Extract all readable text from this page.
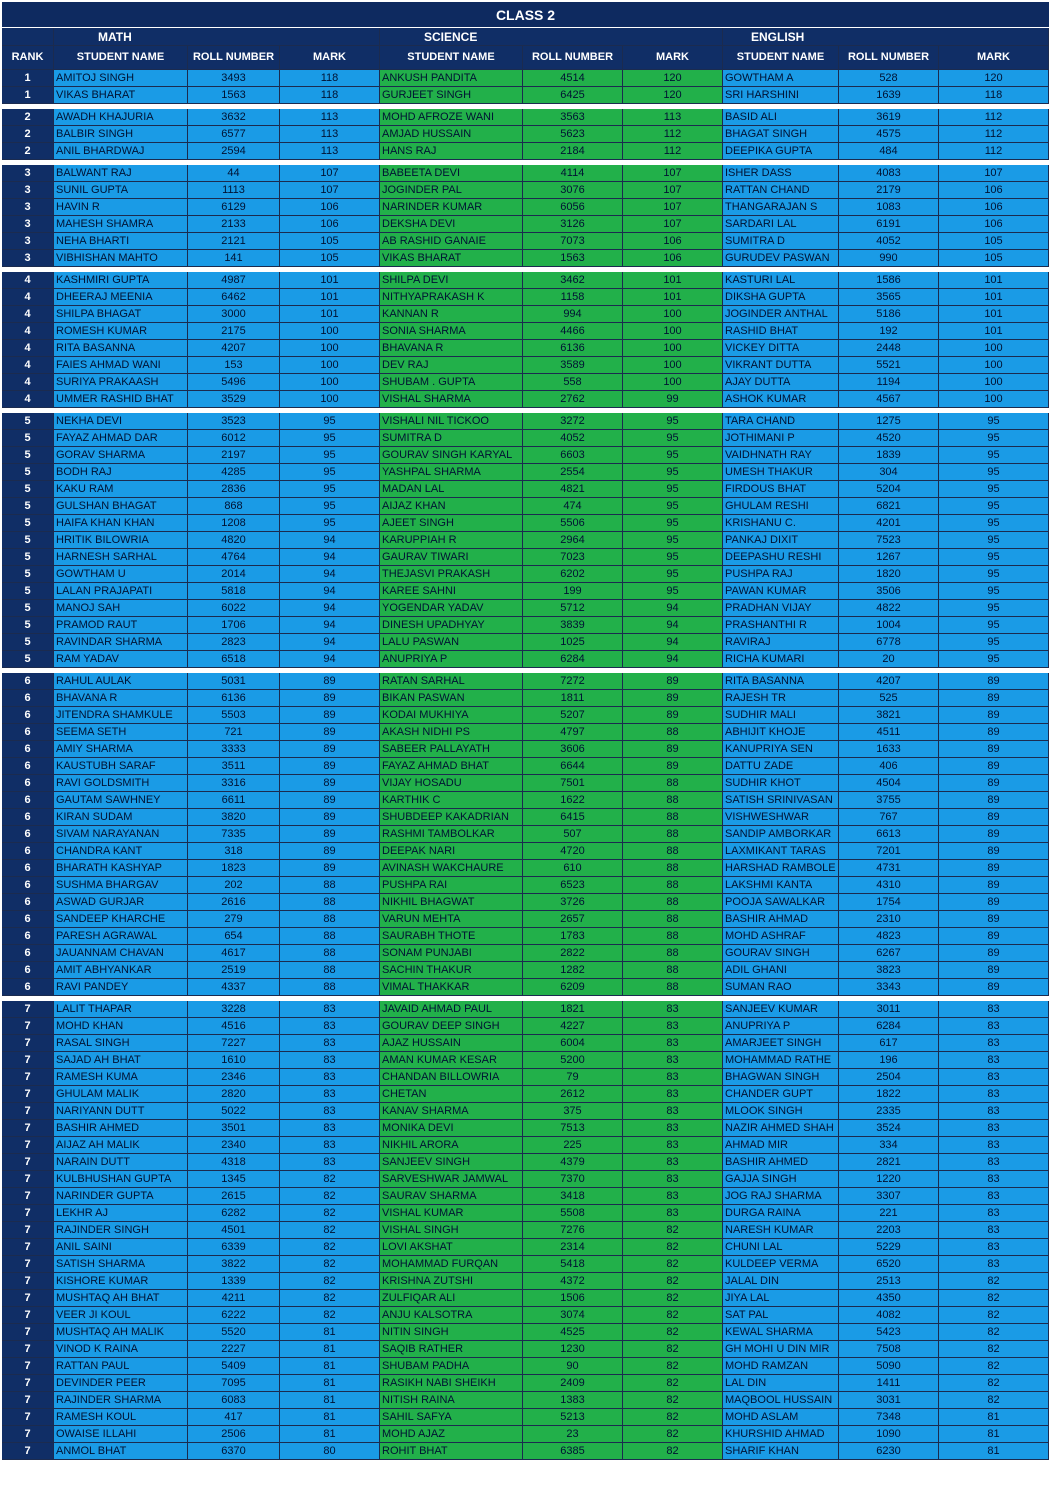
CLASS 2
MATH	SCIENCE	ENGLISH
RANK	STUDENT NAME	ROLL NUMBER	MARK	STUDENT NAME	ROLL NUMBER	MARK	STUDENT NAME	ROLL NUMBER	MARK
1	AMITOJ SINGH	3493	118	ANKUSH PANDITA	4514	120	GOWTHAM A	528	120
1	VIKAS BHARAT	1563	118	GURJEET SINGH	6425	120	SRI HARSHINI	1639	118
2	AWADH KHAJURIA	3632	113	MOHD AFROZE WANI	3563	113	BASID ALI	3619	112
2	BALBIR SINGH	6577	113	AMJAD HUSSAIN	5623	112	BHAGAT SINGH	4575	112
2	ANIL BHARDWAJ	2594	113	HANS RAJ	2184	112	DEEPIKA GUPTA	484	112
3	BALWANT RAJ	44	107	BABEETA DEVI	4114	107	ISHER DASS	4083	107
3	SUNIL GUPTA	1113	107	JOGINDER PAL	3076	107	RATTAN CHAND	2179	106
3	HAVIN R	6129	106	NARINDER KUMAR	6056	107	THANGARAJAN S	1083	106
3	MAHESH SHAMRA	2133	106	DEKSHA DEVI	3126	107	SARDARI LAL	6191	106
3	NEHA BHARTI	2121	105	AB RASHID GANAIE	7073	106	SUMITRA D	4052	105
3	VIBHISHAN MAHTO	141	105	VIKAS BHARAT	1563	106	GURUDEV PASWAN	990	105
4	KASHMIRI GUPTA	4987	101	SHILPA DEVI	3462	101	KASTURI LAL	1586	101
4	DHEERAJ MEENIA	6462	101	NITHYAPRAKASH K	1158	101	DIKSHA GUPTA	3565	101
4	SHILPA BHAGAT	3000	101	KANNAN R	994	100	JOGINDER ANTHAL	5186	101
4	ROMESH KUMAR	2175	100	SONIA SHARMA	4466	100	RASHID BHAT	192	101
4	RITA BASANNA	4207	100	BHAVANA R	6136	100	VICKEY DITTA	2448	100
4	FAIES AHMAD WANI	153	100	DEV RAJ	3589	100	VIKRANT DUTTA	5521	100
4	SURIYA PRAKAASH	5496	100	SHUBAM . GUPTA	558	100	AJAY DUTTA	1194	100
4	UMMER RASHID BHAT	3529	100	VISHAL SHARMA	2762	99	ASHOK KUMAR	4567	100
5	NEKHA DEVI	3523	95	VISHALI NIL TICKOO	3272	95	TARA CHAND	1275	95
5	FAYAZ AHMAD DAR	6012	95	SUMITRA D	4052	95	JOTHIMANI P	4520	95
5	GORAV SHARMA	2197	95	GOURAV SINGH KARYAL	6603	95	VAIDHNATH RAY	1839	95
5	BODH RAJ	4285	95	YASHPAL SHARMA	2554	95	UMESH THAKUR	304	95
5	KAKU RAM	2836	95	MADAN LAL	4821	95	FIRDOUS BHAT	5204	95
5	GULSHAN BHAGAT	868	95	AIJAZ KHAN	474	95	GHULAM RESHI	6821	95
5	HAIFA KHAN KHAN	1208	95	AJEET SINGH	5506	95	KRISHANU C.	4201	95
5	HRITIK BILOWRIA	4820	94	KARUPPIAH R	2964	95	PANKAJ DIXIT	7523	95
5	HARNESH SARHAL	4764	94	GAURAV TIWARI	7023	95	DEEPASHU RESHI	1267	95
5	GOWTHAM U	2014	94	THEJASVI PRAKASH	6202	95	PUSHPA RAJ	1820	95
5	LALAN PRAJAPATI	5818	94	KAREE SAHNI	199	95	PAWAN KUMAR	3506	95
5	MANOJ SAH	6022	94	YOGENDAR YADAV	5712	94	PRADHAN VIJAY	4822	95
5	PRAMOD RAUT	1706	94	DINESH UPADHYAY	3839	94	PRASHANTHI R	1004	95
5	RAVINDAR SHARMA	2823	94	LALU PASWAN	1025	94	RAVIRAJ	6778	95
5	RAM YADAV	6518	94	ANUPRIYA P	6284	94	RICHA KUMARI	20	95
6	RAHUL AULAK	5031	89	RATAN SARHAL	7272	89	RITA BASANNA	4207	89
6	BHAVANA R	6136	89	BIKAN PASWAN	1811	89	RAJESH TR	525	89
6	JITENDRA SHAMKULE	5503	89	KODAI MUKHIYA	5207	89	SUDHIR MALI	3821	89
6	SEEMA SETH	721	89	AKASH NIDHI PS	4797	88	ABHIJIT KHOJE	4511	89
6	AMIY SHARMA	3333	89	SABEER PALLAYATH	3606	89	KANUPRIYA SEN	1633	89
6	KAUSTUBH SARAF	3511	89	FAYAZ AHMAD BHAT	6644	89	DATTU ZADE	406	89
6	RAVI GOLDSMITH	3316	89	VIJAY HOSADU	7501	88	SUDHIR KHOT	4504	89
6	GAUTAM SAWHNEY	6611	89	KARTHIK C	1622	88	SATISH SRINIVASAN	3755	89
6	KIRAN SUDAM	3820	89	SHUBDEEP KAKADRIAN	6415	88	VISHWESHWAR	767	89
6	SIVAM NARAYANAN	7335	89	RASHMI TAMBOLKAR	507	88	SANDIP AMBORKAR	6613	89
6	CHANDRA KANT	318	89	DEEPAK NARI	4720	88	LAXMIKANT TARAS	7201	89
6	BHARATH KASHYAP	1823	89	AVINASH WAKCHAURE	610	88	HARSHAD RAMBOLE	4731	89
6	SUSHMA BHARGAV	202	88	PUSHPA RAI	6523	88	LAKSHMI KANTA	4310	89
6	ASWAD GURJAR	2616	88	NIKHIL BHAGWAT	3726	88	POOJA SAWALKAR	1754	89
6	SANDEEP KHARCHE	279	88	VARUN MEHTA	2657	88	BASHIR AHMAD	2310	89
6	PARESH AGRAWAL	654	88	SAURABH THOTE	1783	88	MOHD ASHRAF	4823	89
6	JAUANNAM CHAVAN	4617	88	SONAM PUNJABI	2822	88	GOURAV SINGH	6267	89
6	AMIT ABHYANKAR	2519	88	SACHIN THAKUR	1282	88	ADIL GHANI	3823	89
6	RAVI PANDEY	4337	88	VIMAL THAKKAR	6209	88	SUMAN RAO	3343	89
7	LALIT THAPAR	3228	83	JAVAID AHMAD PAUL	1821	83	SANJEEV KUMAR	3011	83
7	MOHD KHAN	4516	83	GOURAV DEEP SINGH	4227	83	ANUPRIYA P	6284	83
7	RASAL SINGH	7227	83	AJAZ HUSSAIN	6004	83	AMARJEET SINGH	617	83
7	SAJAD AH BHAT	1610	83	AMAN KUMAR KESAR	5200	83	MOHAMMAD RATHE	196	83
7	RAMESH KUMA	2346	83	CHANDAN BILLOWRIA	79	83	BHAGWAN SINGH	2504	83
7	GHULAM MALIK	2820	83	CHETAN	2612	83	CHANDER GUPT	1822	83
7	NARIYANN DUTT	5022	83	KANAV SHARMA	375	83	MLOOK SINGH	2335	83
7	BASHIR AHMED	3501	83	MONIKA DEVI	7513	83	NAZIR AHMED SHAH	3524	83
7	AIJAZ AH MALIK	2340	83	NIKHIL ARORA	225	83	AHMAD MIR	334	83
7	NARAIN DUTT	4318	83	SANJEEV SINGH	4379	83	BASHIR AHMED	2821	83
7	KULBHUSHAN GUPTA	1345	82	SARVESHWAR JAMWAL	7370	83	GAJJA SINGH	1220	83
7	NARINDER GUPTA	2615	82	SAURAV SHARMA	3418	83	JOG RAJ SHARMA	3307	83
7	LEKHR AJ	6282	82	VISHAL KUMAR	5508	83	DURGA RAINA	221	83
7	RAJINDER SINGH	4501	82	VISHAL SINGH	7276	82	NARESH KUMAR	2203	83
7	ANIL SAINI	6339	82	LOVI AKSHAT	2314	82	CHUNI LAL	5229	83
7	SATISH SHARMA	3822	82	MOHAMMAD FURQAN	5418	82	KULDEEP VERMA	6520	83
7	KISHORE KUMAR	1339	82	KRISHNA ZUTSHI	4372	82	JALAL DIN	2513	82
7	MUSHTAQ AH BHAT	4211	82	ZULFIQAR ALI	1506	82	JIYA LAL	4350	82
7	VEER JI KOUL	6222	82	ANJU KALSOTRA	3074	82	SAT PAL	4082	82
7	MUSHTAQ AH MALIK	5520	81	NITIN SINGH	4525	82	KEWAL SHARMA	5423	82
7	VINOD K RAINA	2227	81	SAQIB RATHER	1230	82	GH MOHI U DIN MIR	7508	82
7	RATTAN PAUL	5409	81	SHUBAM PADHA	90	82	MOHD RAMZAN	5090	82
7	DEVINDER PEER	7095	81	RASIKH NABI SHEIKH	2409	82	LAL DIN	1411	82
7	RAJINDER SHARMA	6083	81	NITISH RAINA	1383	82	MAQBOOL HUSSAIN	3031	82
7	RAMESH KOUL	417	81	SAHIL SAFYA	5213	82	MOHD ASLAM	7348	81
7	OWAISE ILLAHI	2506	81	MOHD AJAZ	23	82	KHURSHID AHMAD	1090	81
7	ANMOL BHAT	6370	80	ROHIT BHAT	6385	82	SHARIF KHAN	6230	81
